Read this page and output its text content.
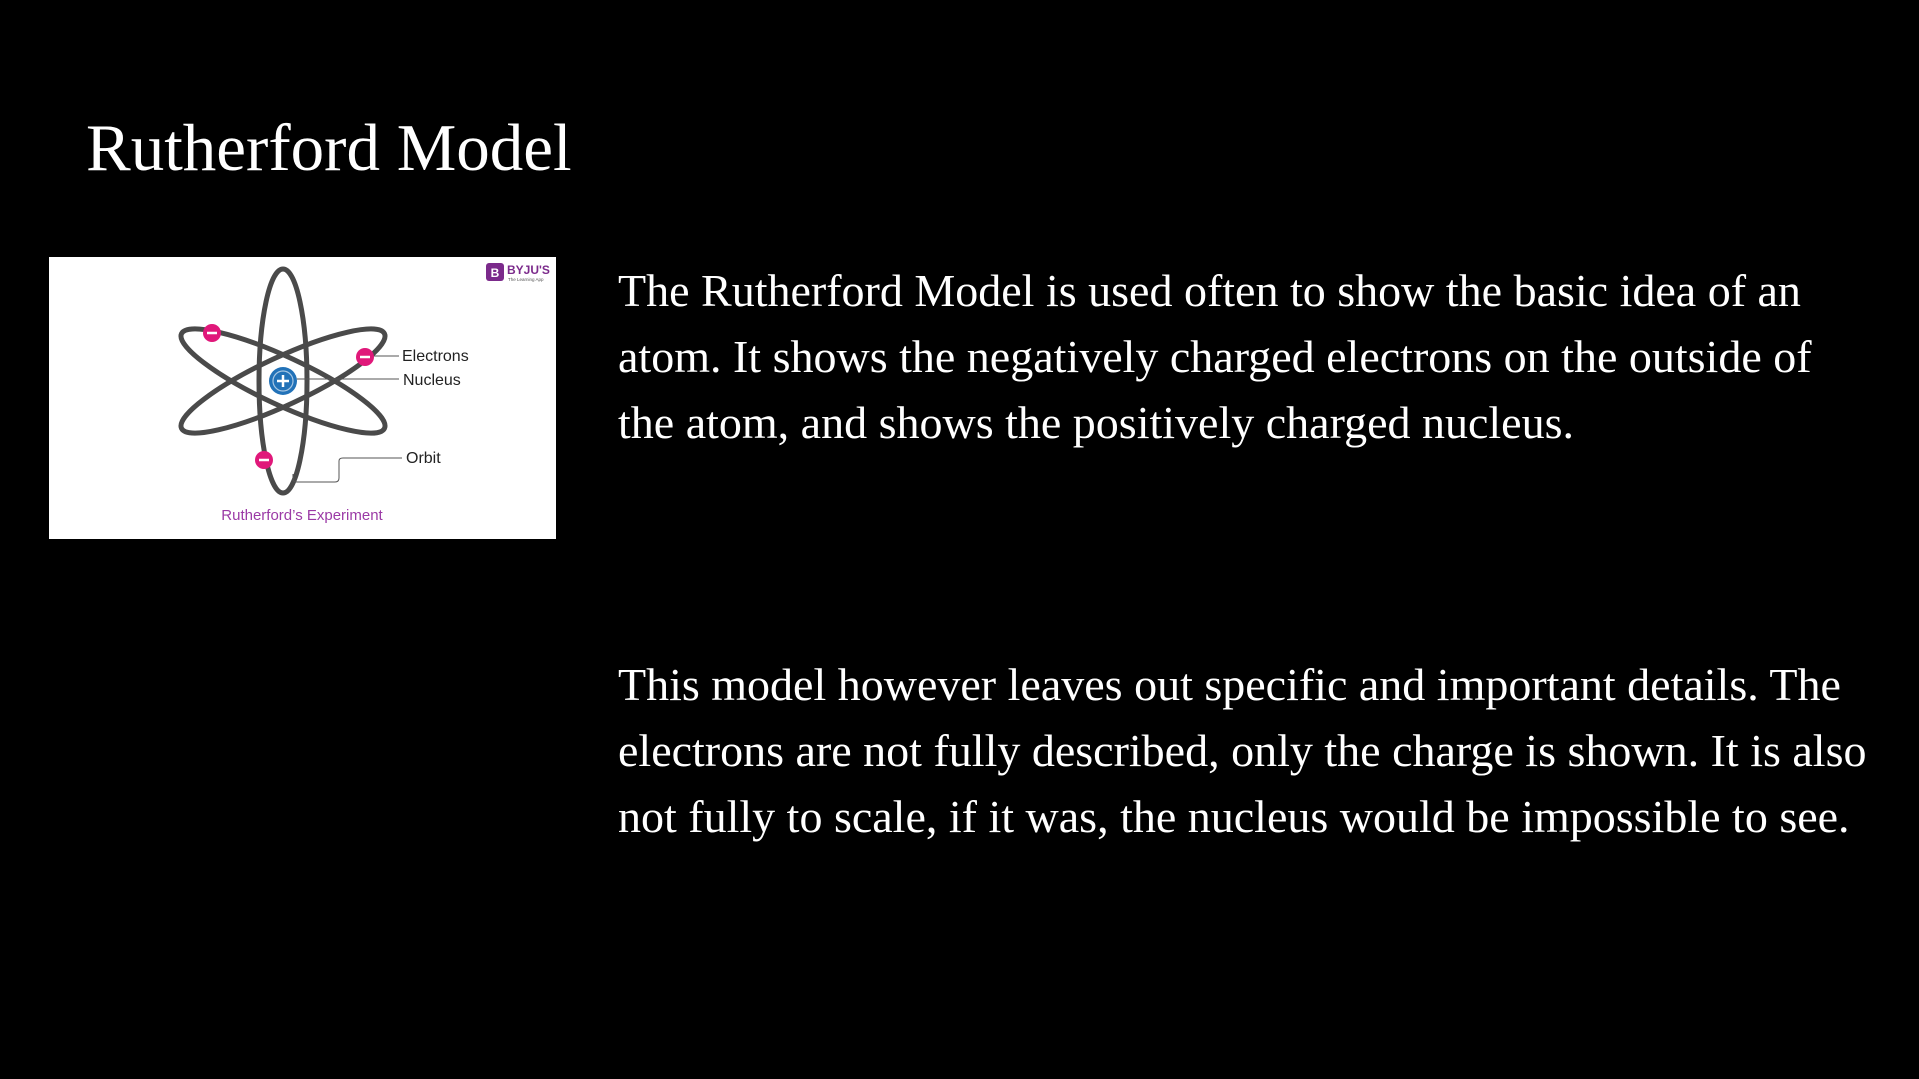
Rutherford Model
B BYJU'S
The Learning App
Electrons
Nucleus
Orbit
Rutherford’s Experiment

The Rutherford Model is used often to show the basic idea of an atom. It shows the negatively charged electrons on the outside of the atom, and shows the positively charged nucleus.

This model however leaves out specific and important details. The electrons are not fully described, only the charge is shown. It is also not fully to scale, if it was, the nucleus would be impossible to see.
